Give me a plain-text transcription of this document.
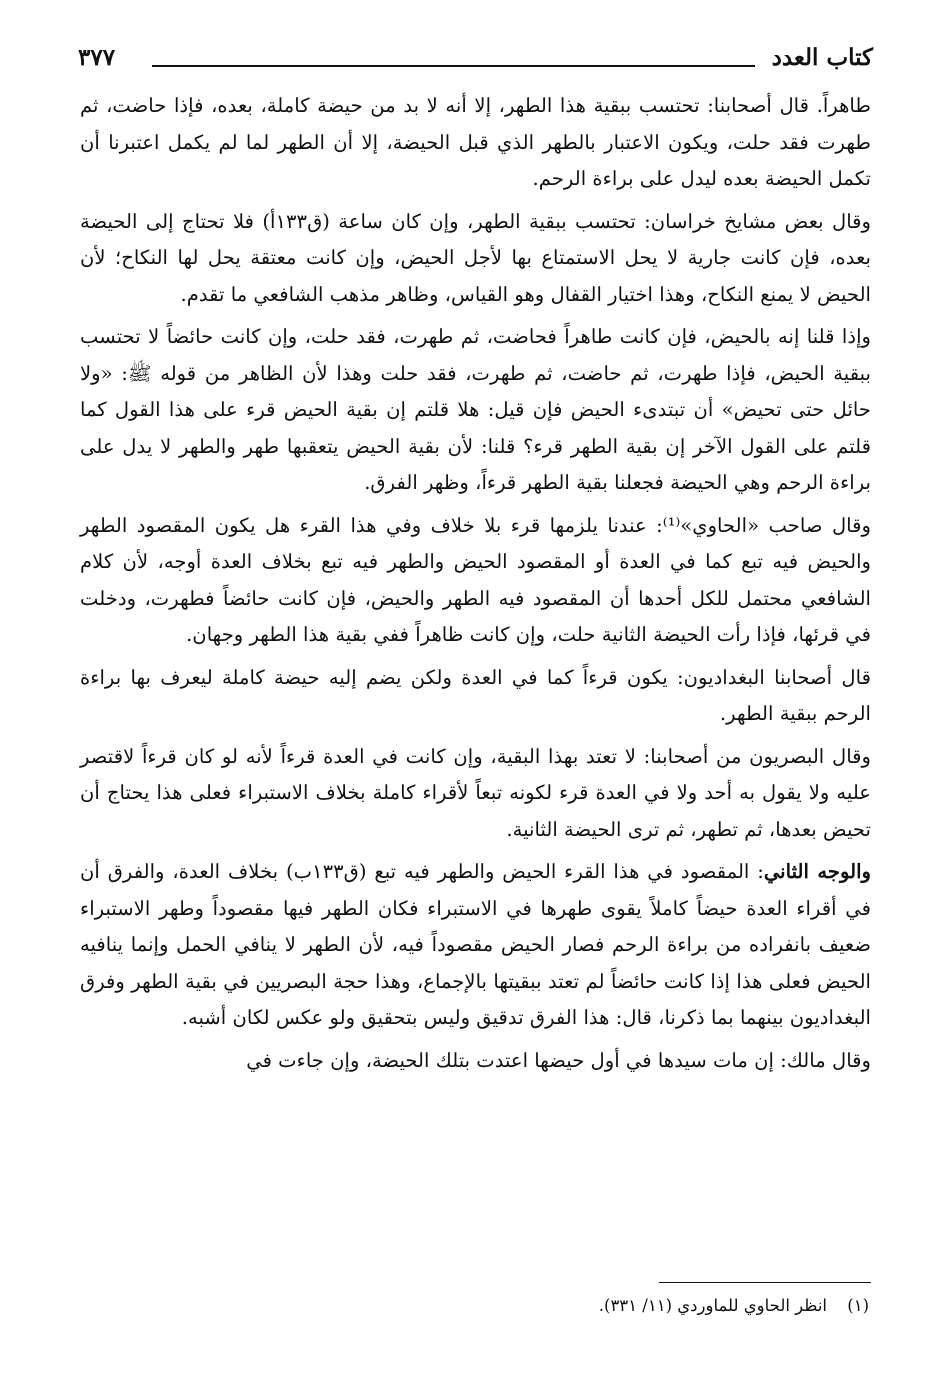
كتاب العدد
٣٧٧

طاهراً. قال أصحابنا: تحتسب ببقية هذا الطهر، إلا أنه لا بد من حيضة كاملة، بعده، فإذا حاضت، ثم طهرت فقد حلت، ويكون الاعتبار بالطهر الذي قبل الحيضة، إلا أن الطهر لما لم يكمل اعتبرنا أن تكمل الحيضة بعده ليدل على براءة الرحم.

وقال بعض مشايخ خراسان: تحتسب ببقية الطهر، وإن كان ساعة (ق١٣٣أ) فلا تحتاج إلى الحيضة بعده، فإن كانت جارية لا يحل الاستمتاع بها لأجل الحيض، وإن كانت معتقة يحل لها النكاح؛ لأن الحيض لا يمنع النكاح، وهذا اختيار القفال وهو القياس، وظاهر مذهب الشافعي ما تقدم.

وإذا قلنا إنه بالحيض، فإن كانت طاهراً فحاضت، ثم طهرت، فقد حلت، وإن كانت حائضاً لا تحتسب ببقية الحيض، فإذا طهرت، ثم حاضت، ثم طهرت، فقد حلت وهذا لأن الظاهر من قوله ﷺ: «ولا حائل حتى تحيض» أن تبتدىء الحيض فإن قيل: هلا قلتم إن بقية الحيض قرء على هذا القول كما قلتم على القول الآخر إن بقية الطهر قرء؟ قلنا: لأن بقية الحيض يتعقبها طهر والطهر لا يدل على براءة الرحم وهي الحيضة فجعلنا بقية الطهر قرءاً، وظهر الفرق.

وقال صاحب «الحاوي»⁽¹⁾: عندنا يلزمها قرء بلا خلاف وفي هذا القرء هل يكون المقصود الطهر والحيض فيه تبع كما في العدة أو المقصود الحيض والطهر فيه تبع بخلاف العدة أوجه، لأن كلام الشافعي محتمل للكل أحدها أن المقصود فيه الطهر والحيض، فإن كانت حائضاً فطهرت، ودخلت في قرئها، فإذا رأت الحيضة الثانية حلت، وإن كانت ظاهراً ففي بقية هذا الطهر وجهان.

قال أصحابنا البغداديون: يكون قرءاً كما في العدة ولكن يضم إليه حيضة كاملة ليعرف بها براءة الرحم ببقية الطهر.

وقال البصريون من أصحابنا: لا تعتد بهذا البقية، وإن كانت في العدة قرءاً لأنه لو كان قرءاً لاقتصر عليه ولا يقول به أحد ولا في العدة قرء لكونه تبعاً لأقراء كاملة بخلاف الاستبراء فعلى هذا يحتاج أن تحيض بعدها، ثم تطهر، ثم ترى الحيضة الثانية.

والوجه الثاني: المقصود في هذا القرء الحيض والطهر فيه تبع (ق١٣٣ب) بخلاف العدة، والفرق أن في أقراء العدة حيضاً كاملاً يقوى طهرها في الاستبراء فكان الطهر فيها مقصوداً وطهر الاستبراء ضعيف بانفراده من براءة الرحم فصار الحيض مقصوداً فيه، لأن الطهر لا ينافي الحمل وإنما ينافيه الحيض فعلى هذا إذا كانت حائضاً لم تعتد ببقيتها بالإجماع، وهذا حجة البصريين في بقية الطهر وفرق البغداديون بينهما بما ذكرنا، قال: هذا الفرق تدقيق وليس بتحقيق ولو عكس لكان أشبه.

وقال مالك: إن مات سيدها في أول حيضها اعتدت بتلك الحيضة، وإن جاءت في

(١)انظر الحاوي للماوردي (١١/ ٣٣١).
